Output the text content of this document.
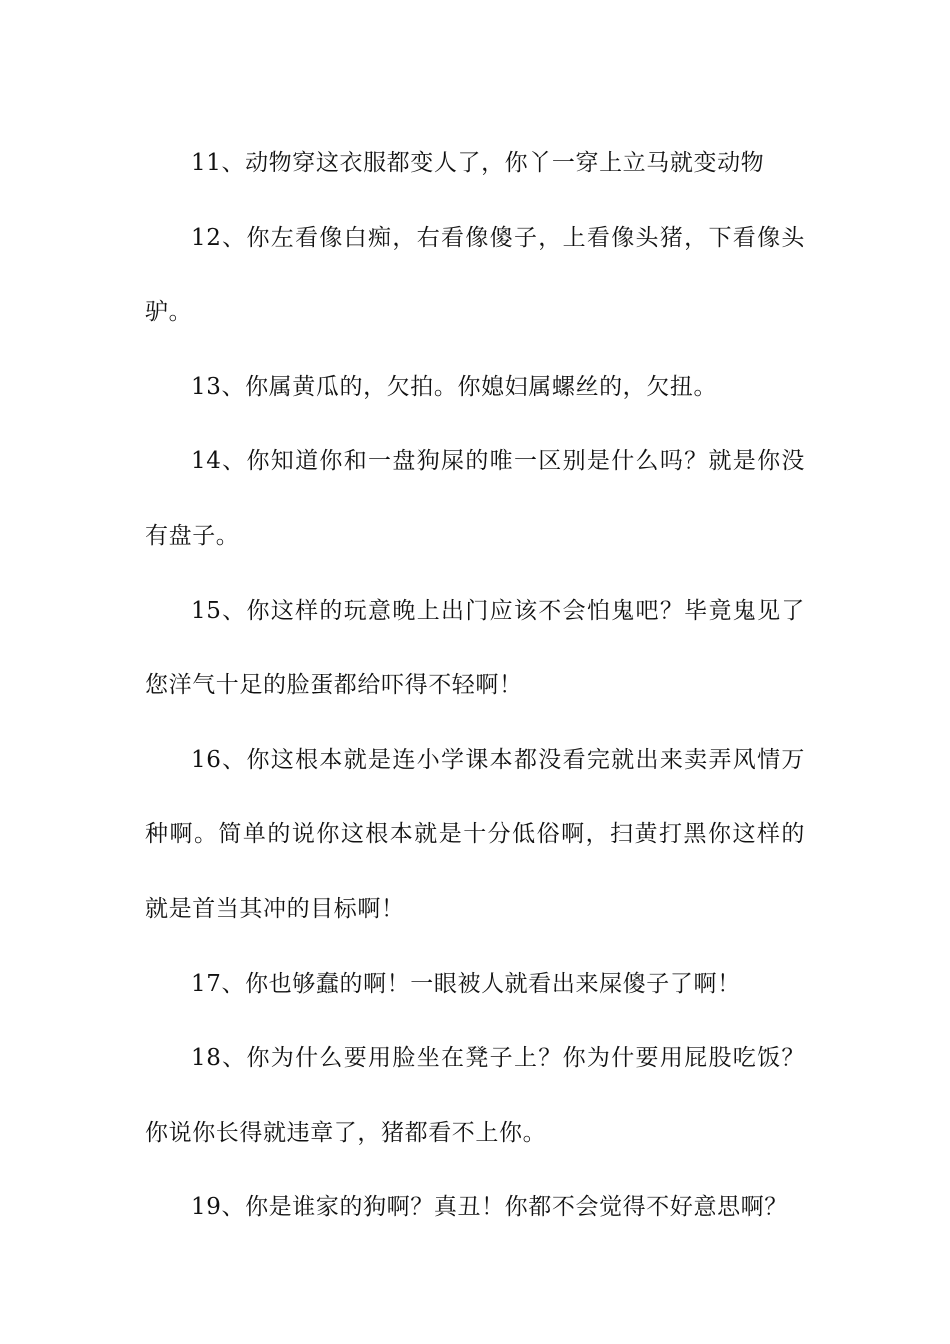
11、动物穿这衣服都变人了，你丫一穿上立马就变动物

12、你左看像白痴，右看像傻子，上看像头猪，下看像头驴。

13、你属黄瓜的，欠拍。你媳妇属螺丝的，欠扭。

14、你知道你和一盘狗屎的唯一区别是什么吗？就是你没有盘子。

15、你这样的玩意晚上出门应该不会怕鬼吧？毕竟鬼见了您洋气十足的脸蛋都给吓得不轻啊！

16、你这根本就是连小学课本都没看完就出来卖弄风情万种啊。简单的说你这根本就是十分低俗啊，扫黄打黑你这样的就是首当其冲的目标啊！

17、你也够蠢的啊！一眼被人就看出来屎傻子了啊！

18、你为什么要用脸坐在凳子上？你为什要用屁股吃饭？你说你长得就违章了，猪都看不上你。

19、你是谁家的狗啊？真丑！你都不会觉得不好意思啊？
